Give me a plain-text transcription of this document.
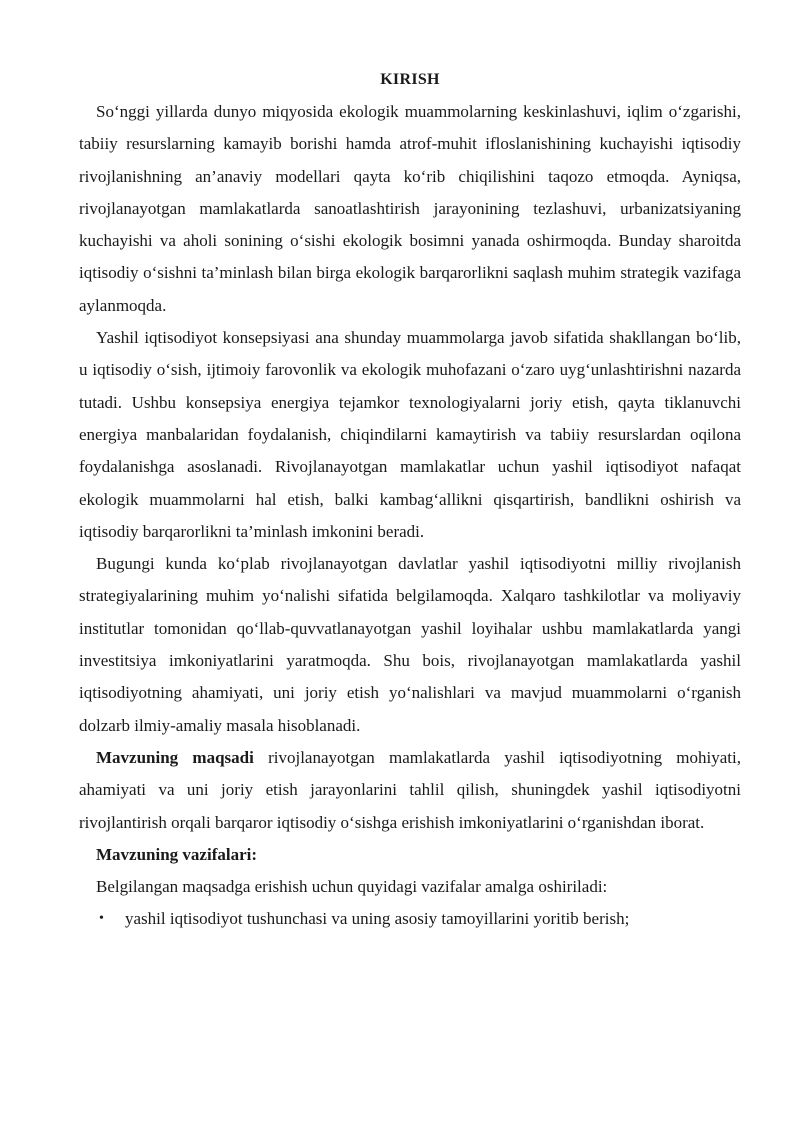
KIRISH

So‘nggi yillarda dunyo miqyosida ekologik muammolarning keskinlashuvi, iqlim o‘zgarishi, tabiiy resurslarning kamayib borishi hamda atrof-muhit ifloslanishining kuchayishi iqtisodiy rivojlanishning an’anaviy modellari qayta ko‘rib chiqilishini taqozo etmoqda. Ayniqsa, rivojlanayotgan mamlakatlarda sanoatlashtirish jarayonining tezlashuvi, urbanizatsiyaning kuchayishi va aholi sonining o‘sishi ekologik bosimni yanada oshirmoqda. Bunday sharoitda iqtisodiy o‘sishni ta’minlash bilan birga ekologik barqarorlikni saqlash muhim strategik vazifaga aylanmoqda.

Yashil iqtisodiyot konsepsiyasi ana shunday muammolarga javob sifatida shakllangan bo‘lib, u iqtisodiy o‘sish, ijtimoiy farovonlik va ekologik muhofazani o‘zaro uyg‘unlashtirishni nazarda tutadi. Ushbu konsepsiya energiya tejamkor texnologiyalarni joriy etish, qayta tiklanuvchi energiya manbalaridan foydalanish, chiqindilarni kamaytirish va tabiiy resurslardan oqilona foydalanishga asoslanadi. Rivojlanayotgan mamlakatlar uchun yashil iqtisodiyot nafaqat ekologik muammolarni hal etish, balki kambag‘allikni qisqartirish, bandlikni oshirish va iqtisodiy barqarorlikni ta’minlash imkonini beradi.

Bugungi kunda ko‘plab rivojlanayotgan davlatlar yashil iqtisodiyotni milliy rivojlanish strategiyalarining muhim yo‘nalishi sifatida belgilamoqda. Xalqaro tashkilotlar va moliyaviy institutlar tomonidan qo‘llab-quvvatlanayotgan yashil loyihalar ushbu mamlakatlarda yangi investitsiya imkoniyatlarini yaratmoqda. Shu bois, rivojlanayotgan mamlakatlarda yashil iqtisodiyotning ahamiyati, uni joriy etish yo‘nalishlari va mavjud muammolarni o‘rganish dolzarb ilmiy-amaliy masala hisoblanadi.

Mavzuning maqsadi rivojlanayotgan mamlakatlarda yashil iqtisodiyotning mohiyati, ahamiyati va uni joriy etish jarayonlarini tahlil qilish, shuningdek yashil iqtisodiyotni rivojlantirish orqali barqaror iqtisodiy o‘sishga erishish imkoniyatlarini o‘rganishdan iborat.

Mavzuning vazifalari:

Belgilangan maqsadga erishish uchun quyidagi vazifalar amalga oshiriladi:

• yashil iqtisodiyot tushunchasi va uning asosiy tamoyillarini yoritib berish;
